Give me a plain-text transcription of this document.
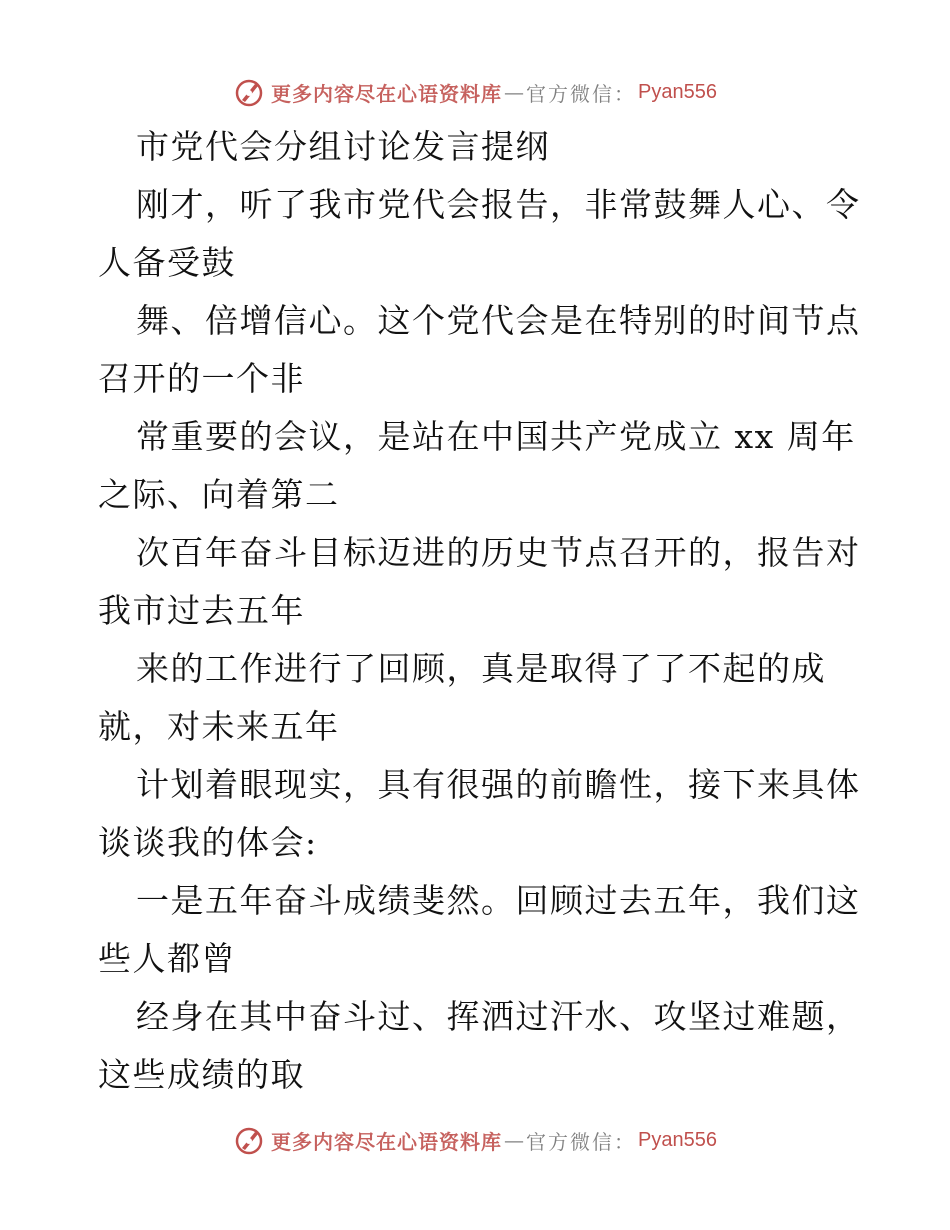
更多内容尽在心语资料库 — 官方微信： Pyan556

市党代会分组讨论发言提纲

刚才，听了我市党代会报告，非常鼓舞人心、令

人备受鼓

舞、倍增信心。这个党代会是在特别的时间节点

召开的一个非

常重要的会议，是站在中国共产党成立 xx 周年

之际、向着第二

次百年奋斗目标迈进的历史节点召开的，报告对

我市过去五年

来的工作进行了回顾，真是取得了了不起的成

就，对未来五年

计划着眼现实，具有很强的前瞻性，接下来具体

谈谈我的体会:

一是五年奋斗成绩斐然。回顾过去五年，我们这

些人都曾

经身在其中奋斗过、挥洒过汗水、攻坚过难题，

这些成绩的取

更多内容尽在心语资料库 — 官方微信： Pyan556
